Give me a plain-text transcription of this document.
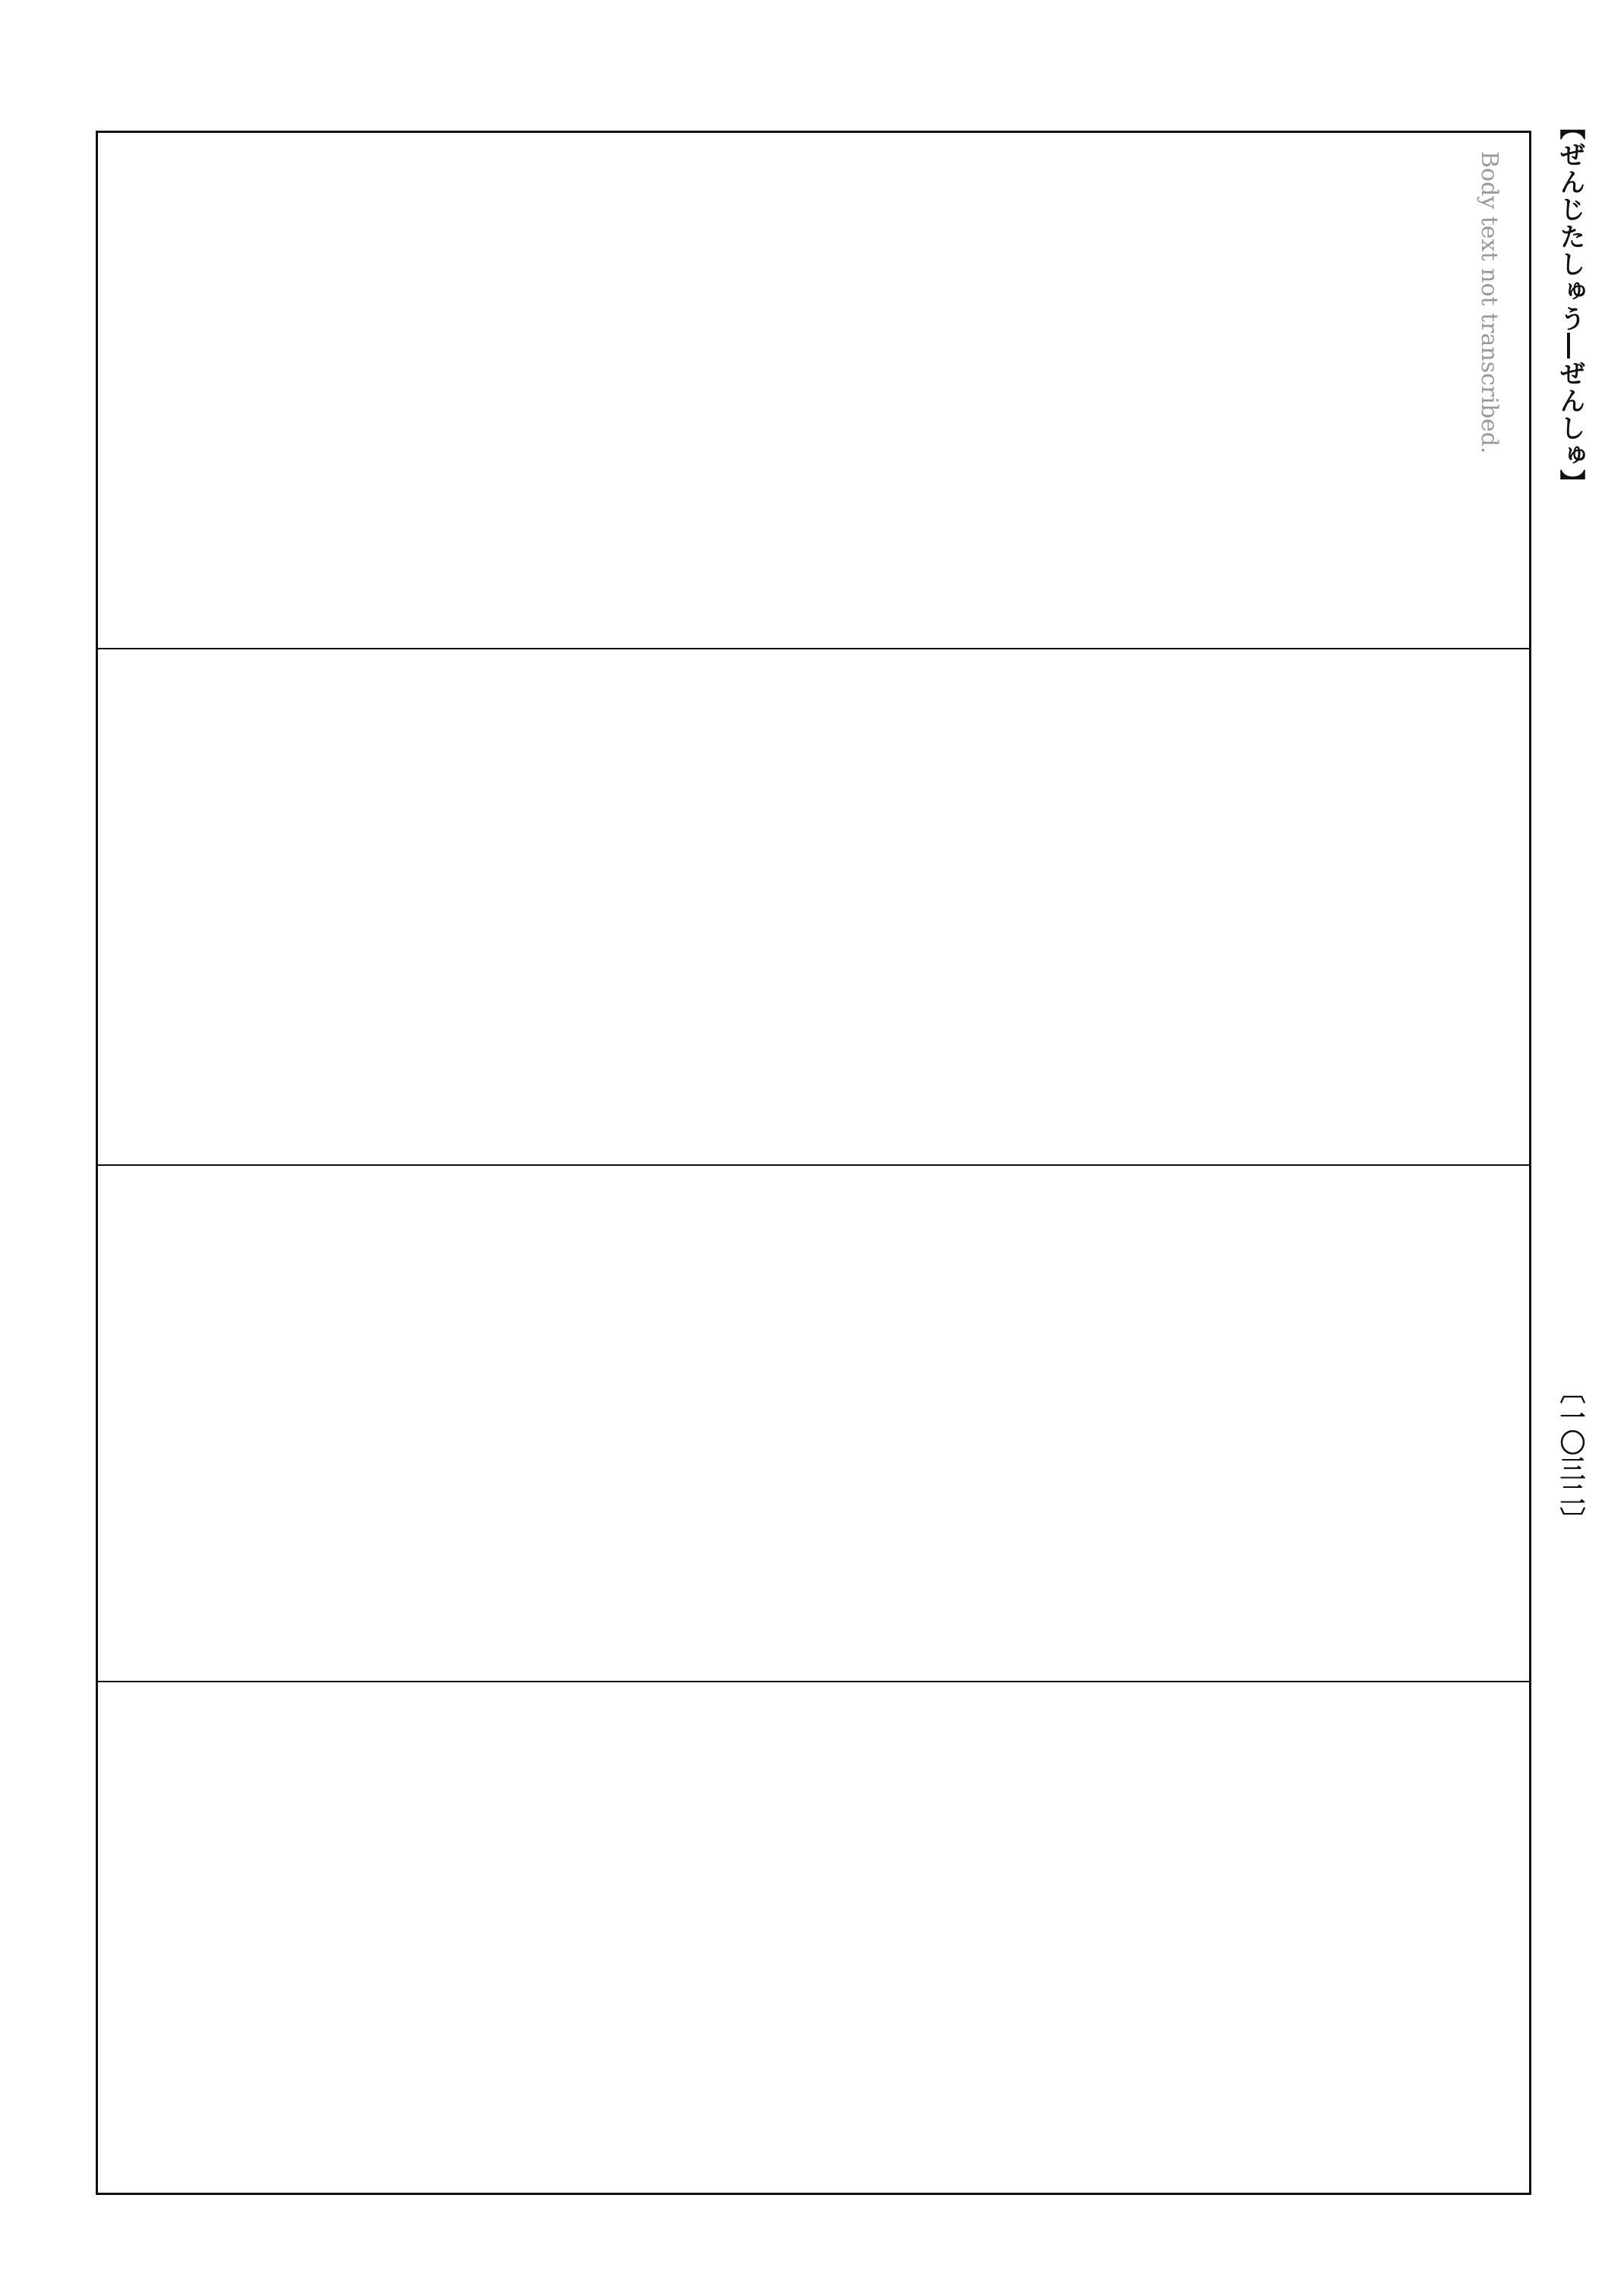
【ぜんじたしゅう―ぜんしゅ】
〔一〇三二〕
Body text not transcribed.
